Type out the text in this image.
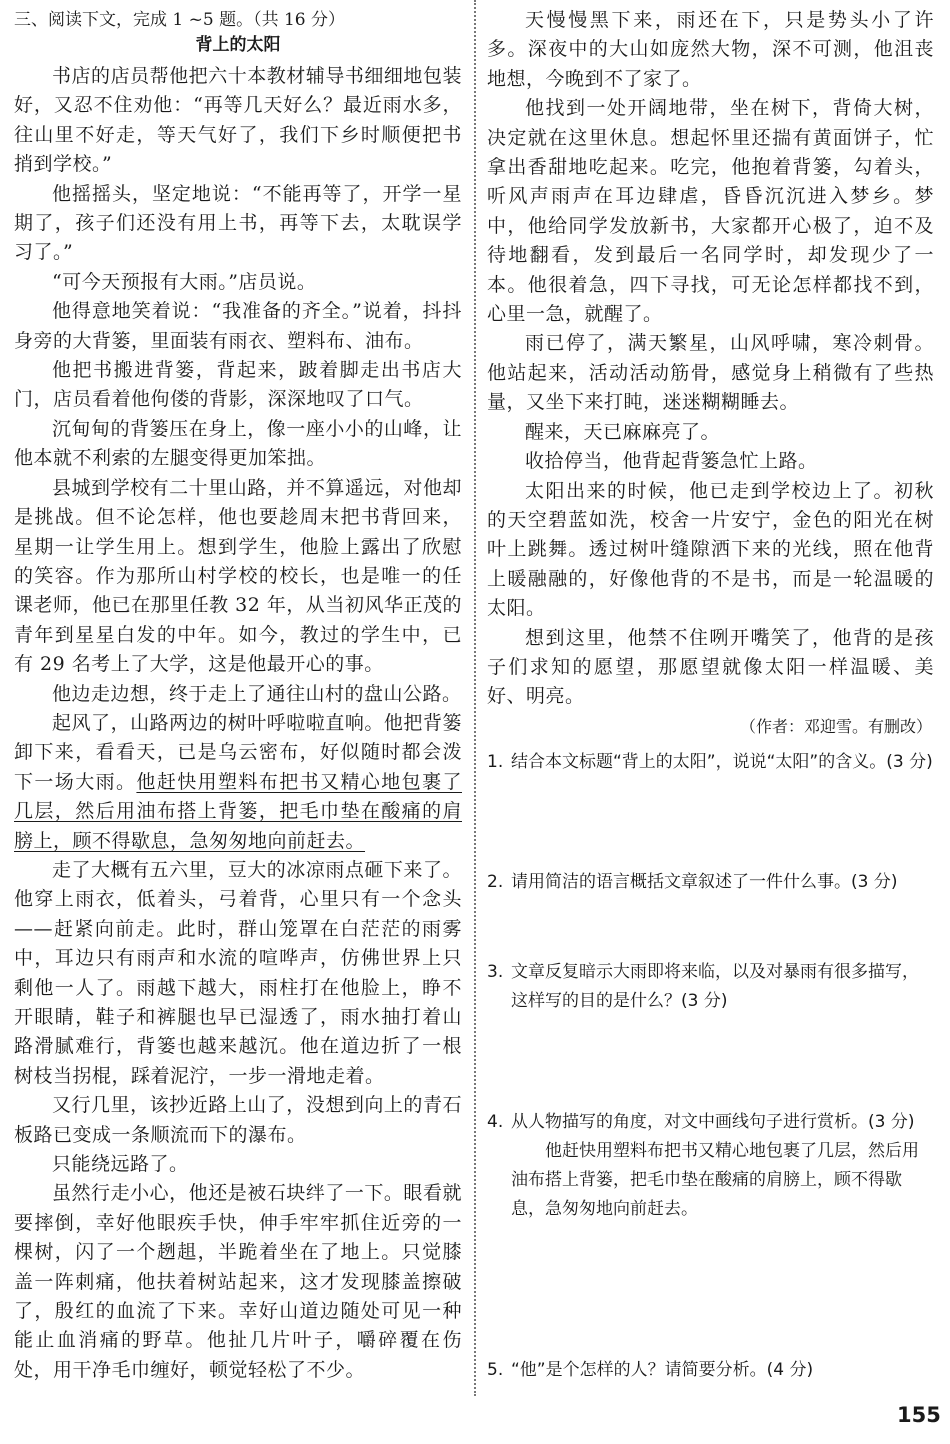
三、阅读下文，完成 1 ~5 题。（共 16 分）

背上的太阳

书店的店员帮他把六十本教材辅导书细细地包装好，又忍不住劝他：“再等几天好么？最近雨水多，往山里不好走，等天气好了，我们下乡时顺便把书捎到学校。”

他摇摇头，坚定地说：“不能再等了，开学一星期了，孩子们还没有用上书，再等下去，太耽误学习了。”

“可今天预报有大雨。”店员说。

他得意地笑着说：“我准备的齐全。”说着，抖抖身旁的大背篓，里面装有雨衣、塑料布、油布。

他把书搬进背篓，背起来，跛着脚走出书店大门，店员看着他佝偻的背影，深深地叹了口气。

沉甸甸的背篓压在身上，像一座小小的山峰，让他本就不利索的左腿变得更加笨拙。

县城到学校有二十里山路，并不算遥远，对他却是挑战。但不论怎样，他也要趁周末把书背回来，星期一让学生用上。想到学生，他脸上露出了欣慰的笑容。作为那所山村学校的校长，也是唯一的任课老师，他已在那里任教 32 年，从当初风华正茂的青年到星星白发的中年。如今，教过的学生中，已有 29 名考上了大学，这是他最开心的事。

他边走边想，终于走上了通往山村的盘山公路。

起风了，山路两边的树叶呼啦啦直响。他把背篓卸下来，看看天，已是乌云密布，好似随时都会泼下一场大雨。他赶快用塑料布把书又精心地包裹了几层，然后用油布搭上背篓，把毛巾垫在酸痛的肩膀上，顾不得歇息，急匆匆地向前赶去。

走了大概有五六里，豆大的冰凉雨点砸下来了。他穿上雨衣，低着头，弓着背，心里只有一个念头——赶紧向前走。此时，群山笼罩在白茫茫的雨雾中，耳边只有雨声和水流的喧哗声，仿佛世界上只剩他一人了。雨越下越大，雨柱打在他脸上，睁不开眼睛，鞋子和裤腿也早已湿透了，雨水抽打着山路滑腻难行，背篓也越来越沉。他在道边折了一根树枝当拐棍，踩着泥泞，一步一滑地走着。

又行几里，该抄近路上山了，没想到向上的青石板路已变成一条顺流而下的瀑布。

只能绕远路了。

虽然行走小心，他还是被石块绊了一下。眼看就要摔倒，幸好他眼疾手快，伸手牢牢抓住近旁的一棵树，闪了一个趔趄，半跪着坐在了地上。只觉膝盖一阵刺痛，他扶着树站起来，这才发现膝盖擦破了，殷红的血流了下来。幸好山道边随处可见一种能止血消痛的野草。他扯几片叶子，嚼碎覆在伤处，用干净毛巾缠好，顿觉轻松了不少。

天慢慢黑下来，雨还在下，只是势头小了许多。深夜中的大山如庞然大物，深不可测，他沮丧地想，今晚到不了家了。

他找到一处开阔地带，坐在树下，背倚大树，决定就在这里休息。想起怀里还揣有黄面饼子，忙拿出香甜地吃起来。吃完，他抱着背篓，勾着头，听风声雨声在耳边肆虐，昏昏沉沉进入梦乡。梦中，他给同学发放新书，大家都开心极了，迫不及待地翻看，发到最后一名同学时，却发现少了一本。他很着急，四下寻找，可无论怎样都找不到，心里一急，就醒了。

雨已停了，满天繁星，山风呼啸，寒冷刺骨。他站起来，活动活动筋骨，感觉身上稍微有了些热量，又坐下来打盹，迷迷糊糊睡去。

醒来，天已麻麻亮了。

收拾停当，他背起背篓急忙上路。

太阳出来的时候，他已走到学校边上了。初秋的天空碧蓝如洗，校舍一片安宁，金色的阳光在树叶上跳舞。透过树叶缝隙洒下来的光线，照在他背上暖融融的，好像他背的不是书，而是一轮温暖的太阳。

想到这里，他禁不住咧开嘴笑了，他背的是孩子们求知的愿望，那愿望就像太阳一样温暖、美好、明亮。

（作者：邓迎雪。有删改）

1. 结合本文标题“背上的太阳”，说说“太阳”的含义。(3 分)

2. 请用简洁的语言概括文章叙述了一件什么事。(3 分)

3. 文章反复暗示大雨即将来临，以及对暴雨有很多描写，这样写的目的是什么？(3 分)

4. 从人物描写的角度，对文中画线句子进行赏析。(3 分)

他赶快用塑料布把书又精心地包裹了几层，然后用油布搭上背篓，把毛巾垫在酸痛的肩膀上，顾不得歇息，急匆匆地向前赶去。

5. “他”是个怎样的人？请简要分析。(4 分)

155
